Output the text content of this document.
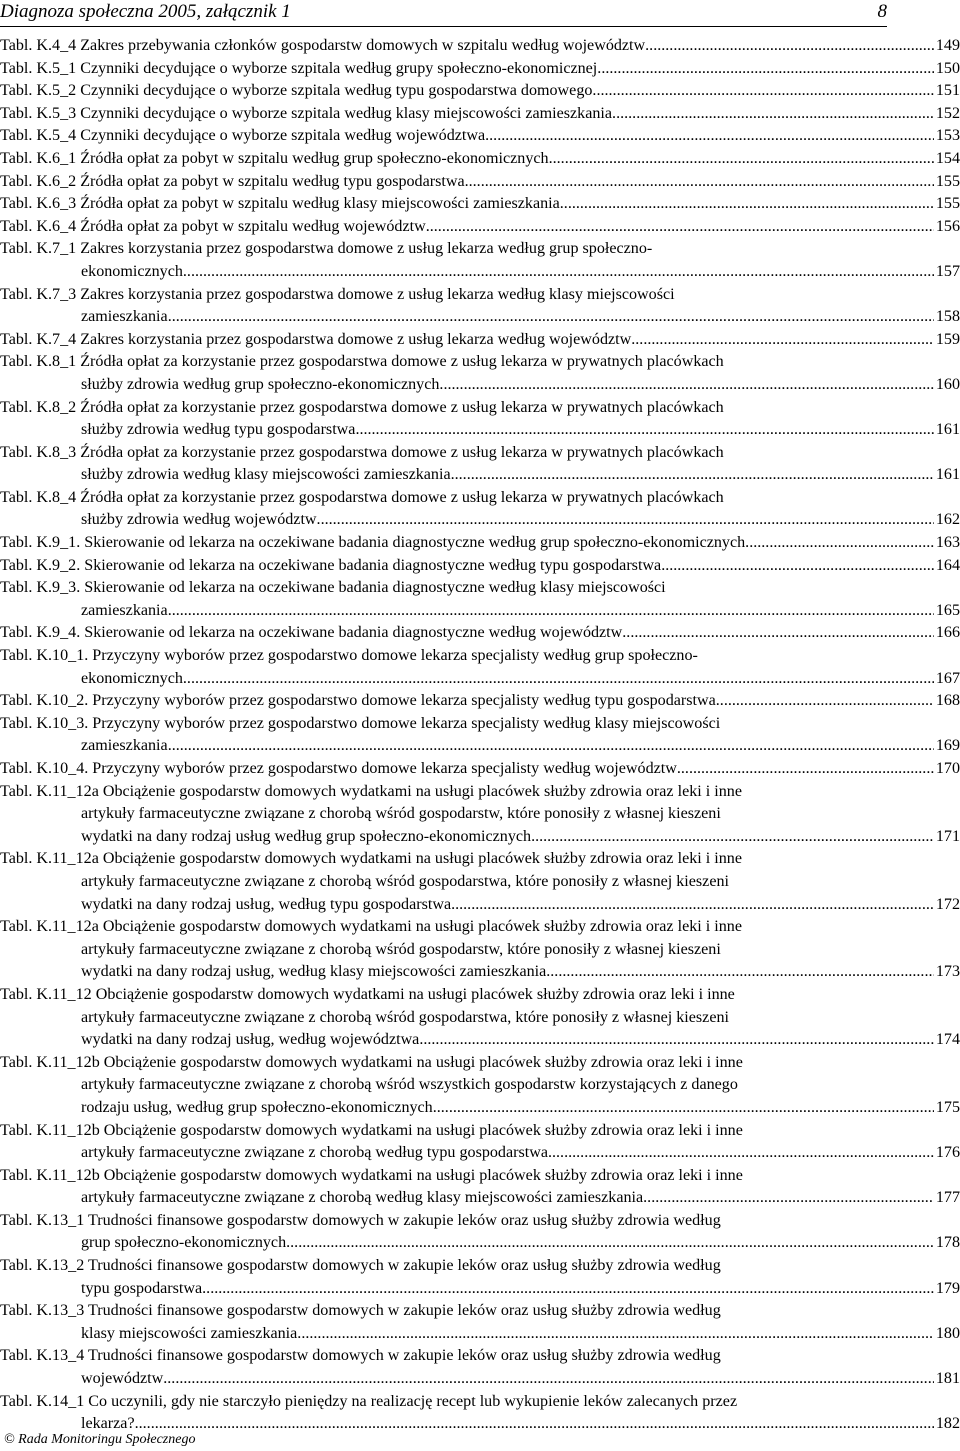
Diagnoza społeczna 2005, załącznik 1	8
Tabl. K.4_4 Zakres przebywania członków gospodarstw domowych w szpitalu według województw .....	149
Tabl. K.5_1 Czynniki decydujące o wyborze szpitala według grupy społeczno-ekonomicznej .....	150
Tabl. K.5_2 Czynniki decydujące o wyborze szpitala według typu gospodarstwa domowego .....	151
Tabl. K.5_3 Czynniki decydujące o wyborze szpitala według klasy miejscowości zamieszkania .....	152
Tabl. K.5_4 Czynniki decydujące o wyborze szpitala według województwa .....	153
Tabl. K.6_1 Źródła opłat za pobyt w szpitalu według grup społeczno-ekonomicznych .....	154
Tabl. K.6_2 Źródła opłat za pobyt w szpitalu według typu gospodarstwa .....	155
Tabl. K.6_3 Źródła opłat za pobyt w szpitalu według klasy miejscowości zamieszkania .....	155
Tabl. K.6_4 Źródła opłat za pobyt w szpitalu według województw .....	156
Tabl. K.7_1 Zakres korzystania przez gospodarstwa domowe z usług lekarza według grup społeczno-
ekonomicznych .....	157
Tabl. K.7_3 Zakres korzystania przez gospodarstwa domowe z usług lekarza według klasy miejscowości
zamieszkania .....	158
Tabl. K.7_4 Zakres korzystania przez gospodarstwa domowe z usług lekarza według województw .....	159
Tabl. K.8_1 Źródła opłat za korzystanie przez gospodarstwa domowe z usług lekarza w prywatnych placówkach
służby zdrowia według grup społeczno-ekonomicznych. .....	160
Tabl. K.8_2 Źródła opłat za korzystanie przez gospodarstwa domowe z usług lekarza w prywatnych placówkach
służby zdrowia według typu gospodarstwa .....	161
Tabl. K.8_3 Źródła opłat za korzystanie przez gospodarstwa domowe z usług lekarza w prywatnych placówkach
służby zdrowia według klasy miejscowości zamieszkania .....	161
Tabl. K.8_4 Źródła opłat za korzystanie przez gospodarstwa domowe z usług lekarza w prywatnych placówkach
służby zdrowia według województw .....	162
Tabl. K.9_1. Skierowanie od lekarza na oczekiwane badania diagnostyczne według grup społeczno-ekonomicznych .....	163
Tabl. K.9_2. Skierowanie od lekarza na oczekiwane badania diagnostyczne według typu gospodarstwa .....	164
Tabl. K.9_3. Skierowanie od lekarza na oczekiwane badania diagnostyczne według klasy miejscowości
zamieszkania .....	165
Tabl. K.9_4. Skierowanie od lekarza na oczekiwane badania diagnostyczne według województw .....	166
Tabl. K.10_1. Przyczyny wyborów przez gospodarstwo domowe lekarza specjalisty według grup społeczno-
ekonomicznych .....	167
Tabl. K.10_2. Przyczyny wyborów przez gospodarstwo domowe lekarza specjalisty według typu gospodarstwa .....	168
Tabl. K.10_3. Przyczyny wyborów przez gospodarstwo domowe lekarza specjalisty według klasy miejscowości
zamieszkania .....	169
Tabl. K.10_4. Przyczyny wyborów przez gospodarstwo domowe lekarza specjalisty według województw .....	170
Tabl. K.11_12a Obciążenie gospodarstw domowych wydatkami na usługi placówek służby zdrowia oraz leki i inne
artykuły farmaceutyczne związane z chorobą wśród gospodarstw, które ponosiły z własnej kieszeni
wydatki na dany rodzaj usług według grup społeczno-ekonomicznych .....	171
Tabl. K.11_12a Obciążenie gospodarstw domowych wydatkami na usługi placówek służby zdrowia oraz leki i inne
artykuły farmaceutyczne związane z chorobą wśród gospodarstwa, które ponosiły z własnej kieszeni
wydatki na dany rodzaj usług, według typu gospodarstwa. .....	172
Tabl. K.11_12a Obciążenie gospodarstw domowych wydatkami na usługi placówek służby zdrowia oraz leki i inne
artykuły farmaceutyczne związane z chorobą wśród gospodarstw, które ponosiły z własnej kieszeni
wydatki na dany rodzaj usług, według klasy miejscowości zamieszkania .....	173
Tabl. K.11_12 Obciążenie gospodarstw domowych wydatkami na usługi placówek służby zdrowia oraz leki i inne
artykuły farmaceutyczne związane z chorobą wśród gospodarstwa, które ponosiły z własnej kieszeni
wydatki na dany rodzaj usług, według województwa. .....	174
Tabl. K.11_12b Obciążenie gospodarstw domowych wydatkami na usługi placówek służby zdrowia oraz leki i inne
artykuły farmaceutyczne związane z chorobą wśród wszystkich gospodarstw korzystających z danego
rodzaju usług, według grup społeczno-ekonomicznych .....	175
Tabl. K.11_12b Obciążenie gospodarstw domowych wydatkami na usługi placówek służby zdrowia oraz leki i inne
artykuły farmaceutyczne związane z chorobą według typu gospodarstwa .....	176
Tabl. K.11_12b Obciążenie gospodarstw domowych wydatkami na usługi placówek służby zdrowia oraz leki i inne
artykuły farmaceutyczne związane z chorobą według klasy miejscowości zamieszkania. .....	177
Tabl. K.13_1 Trudności finansowe gospodarstw domowych w zakupie leków oraz usług służby zdrowia według
grup społeczno-ekonomicznych. .....	178
Tabl. K.13_2 Trudności finansowe gospodarstw domowych w zakupie leków oraz usług służby zdrowia według
typu gospodarstwa .....	179
Tabl. K.13_3 Trudności finansowe gospodarstw domowych w zakupie leków oraz usług służby zdrowia według
klasy miejscowości zamieszkania. .....	180
Tabl. K.13_4 Trudności finansowe gospodarstw domowych w zakupie leków oraz usług służby zdrowia według
województw .....	181
Tabl. K.14_1 Co uczynili, gdy nie starczyło pieniędzy na realizację recept lub wykupienie leków zalecanych przez
lekarza? .....	182
© Rada Monitoringu Społecznego
